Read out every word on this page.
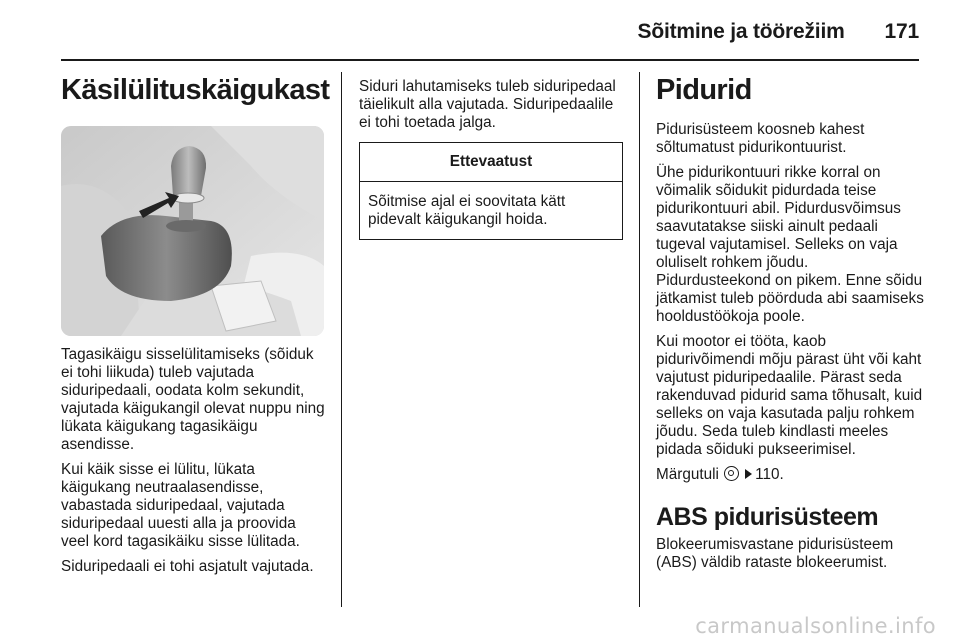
Sõitmine ja töörežiim 171
Käsilülituskäigukast

Tagasikäigu sisselülitamiseks (sõiduk ei tohi liikuda) tuleb vajutada siduripedaali, oodata kolm sekundit, vajutada käigukangil olevat nuppu ning lükata käigukang tagasikäigu asendisse.

Kui käik sisse ei lülitu, lükata käigukang neutraalasendisse, vabastada siduripedaal, vajutada siduripedaal uuesti alla ja proovida veel kord tagasikäiku sisse lülitada.

Siduripedaali ei tohi asjatult vajutada.

Siduri lahutamiseks tuleb siduripedaal täielikult alla vajutada. Siduripedaalile ei tohi toetada jalga.

Ettevaatust
Sõitmise ajal ei soovitata kätt pidevalt käigukangil hoida.
Pidurid

Pidurisüsteem koosneb kahest sõltumatust pidurikontuurist.

Ühe pidurikontuuri rikke korral on võimalik sõidukit pidurdada teise pidurikontuuri abil. Pidurdusvõimsus saavutatakse siiski ainult pedaali tugeval vajutamisel. Selleks on vaja oluliselt rohkem jõudu. Pidurdusteekond on pikem. Enne sõidu jätkamist tuleb pöörduda abi saamiseks hooldustöökoja poole.

Kui mootor ei tööta, kaob pidurivõimendi mõju pärast üht või kaht vajutust piduripedaalile. Pärast seda rakenduvad pidurid sama tõhusalt, kuid selleks on vaja kasutada palju rohkem jõudu. Seda tuleb kindlasti meeles pidada sõiduki pukseerimisel.

Märgutuli 110.

ABS pidurisüsteem

Blokeerumisvastane pidurisüsteem (ABS) väldib rataste blokeerumist.

carmanualsonline.info
